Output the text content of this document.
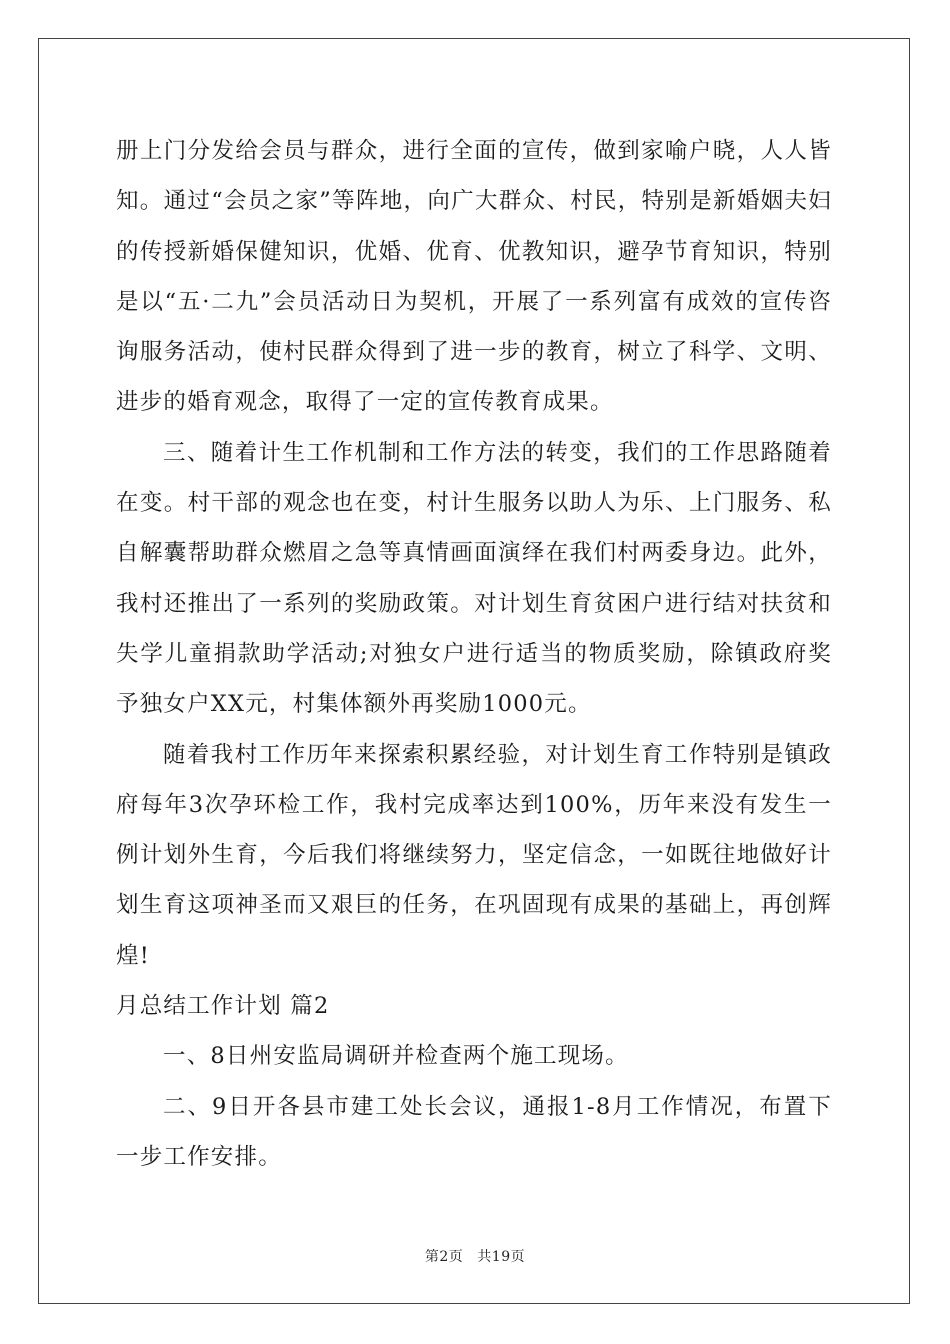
册上门分发给会员与群众，进行全面的宣传，做到家喻户晓，人人皆知。通过“会员之家”等阵地，向广大群众、村民，特别是新婚姻夫妇的传授新婚保健知识，优婚、优育、优教知识，避孕节育知识，特别是以“五·二九”会员活动日为契机，开展了一系列富有成效的宣传咨询服务活动，使村民群众得到了进一步的教育，树立了科学、文明、进步的婚育观念，取得了一定的宣传教育成果。

三、随着计生工作机制和工作方法的转变，我们的工作思路随着在变。村干部的观念也在变，村计生服务以助人为乐、上门服务、私自解囊帮助群众燃眉之急等真情画面演绎在我们村两委身边。此外，我村还推出了一系列的奖励政策。对计划生育贫困户进行结对扶贫和失学儿童捐款助学活动;对独女户进行适当的物质奖励，除镇政府奖予独女户XX元，村集体额外再奖励1000元。

随着我村工作历年来探索积累经验，对计划生育工作特别是镇政府每年3次孕环检工作，我村完成率达到100%，历年来没有发生一例计划外生育，今后我们将继续努力，坚定信念，一如既往地做好计划生育这项神圣而又艰巨的任务，在巩固现有成果的基础上，再创辉煌!

月总结工作计划 篇2

一、8日州安监局调研并检查两个施工现场。

二、9日开各县市建工处长会议，通报1-8月工作情况，布置下一步工作安排。

第2页 共19页
